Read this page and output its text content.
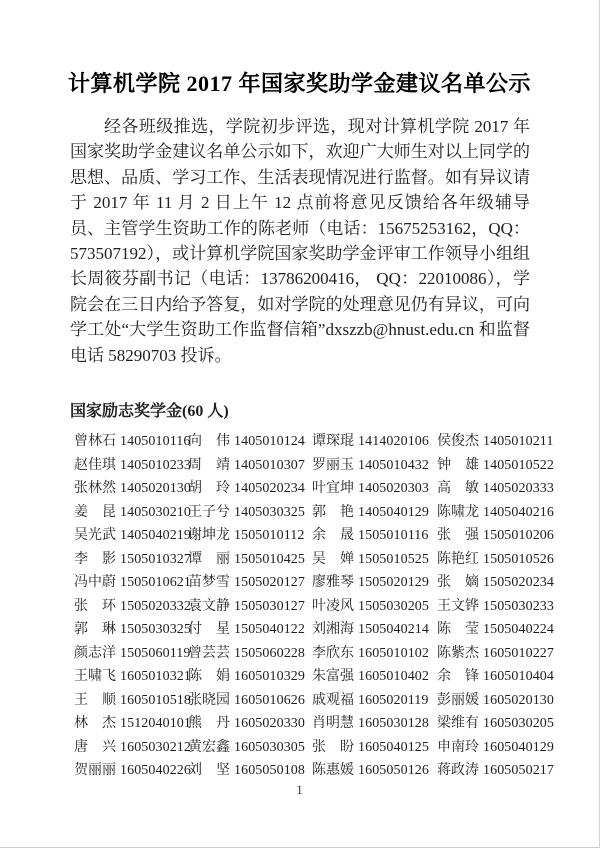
计算机学院 2017 年国家奖助学金建议名单公示

经各班级推选，学院初步评选，现对计算机学院 2017 年国家奖助学金建议名单公示如下，欢迎广大师生对以上同学的思想、品质、学习工作、生活表现情况进行监督。如有异议请于 2017 年 11 月 2 日上午 12 点前将意见反馈给各年级辅导员、主管学生资助工作的陈老师（电话：15675253162，QQ：573507192），或计算机学院国家奖助学金评审工作领导小组组长周筱芬副书记（电话：13786200416， QQ：22010086），学院会在三日内给予答复，如对学院的处理意见仍有异议，可向学工处“大学生资助工作监督信箱”dxszzb@hnust.edu.cn 和监督电话 58290703 投诉。

国家励志奖学金(60 人)
曾林石 1405010116
向　伟 1405010124 谭琛琨 1414020106 侯俊杰 1405010211
赵佳琪 1405010233
周　靖 1405010307 罗丽玉 1405010432 钟　雄 1405010522
张林然 1405020130
胡　玲 1405020234 叶宜坤 1405020303 高　敏 1405020333
姜　昆 1405030210
王子兮 1405030325 郭　艳 1405040129 陈啸龙 1405040216
吴光武 1405040219
谢坤龙 1505010112 余　晟 1505010116 张　强 1505010206
李　影 1505010327
谭　丽 1505010425 吴　婵 1505010525 陈艳红 1505010526
冯中蔚 1505010621
苗梦雪 1505020127 廖雅琴 1505020129 张　嫡 1505020234
张　环 1505020332
袁文静 1505030127 叶凌风 1505030205 王文铧 1505030233
郭　琳 1505030325
付　星 1505040122 刘湘海 1505040214 陈　莹 1505040224
颜志洋 1505060119
曾芸芸 1505060228 李欣东 1605010102 陈紫杰 1605010227
王啸飞 1605010321
陈　娟 1605010329 朱富强 1605010402 余　锋 1605010404
王　顺 1605010518
张晓园 1605010626 戚观福 1605020119 彭丽媛 1605020130
林　杰 1512040101
熊　丹 1605020330 肖明慧 1605030128 梁维有 1605030205
唐　兴 1605030212
黄宏鑫 1605030305 张　盼 1605040125 申南玲 1605040129
贺丽丽 1605040226
刘　坚 1605050108 陈惠媛 1605050126 蒋政涛 1605050217
1
